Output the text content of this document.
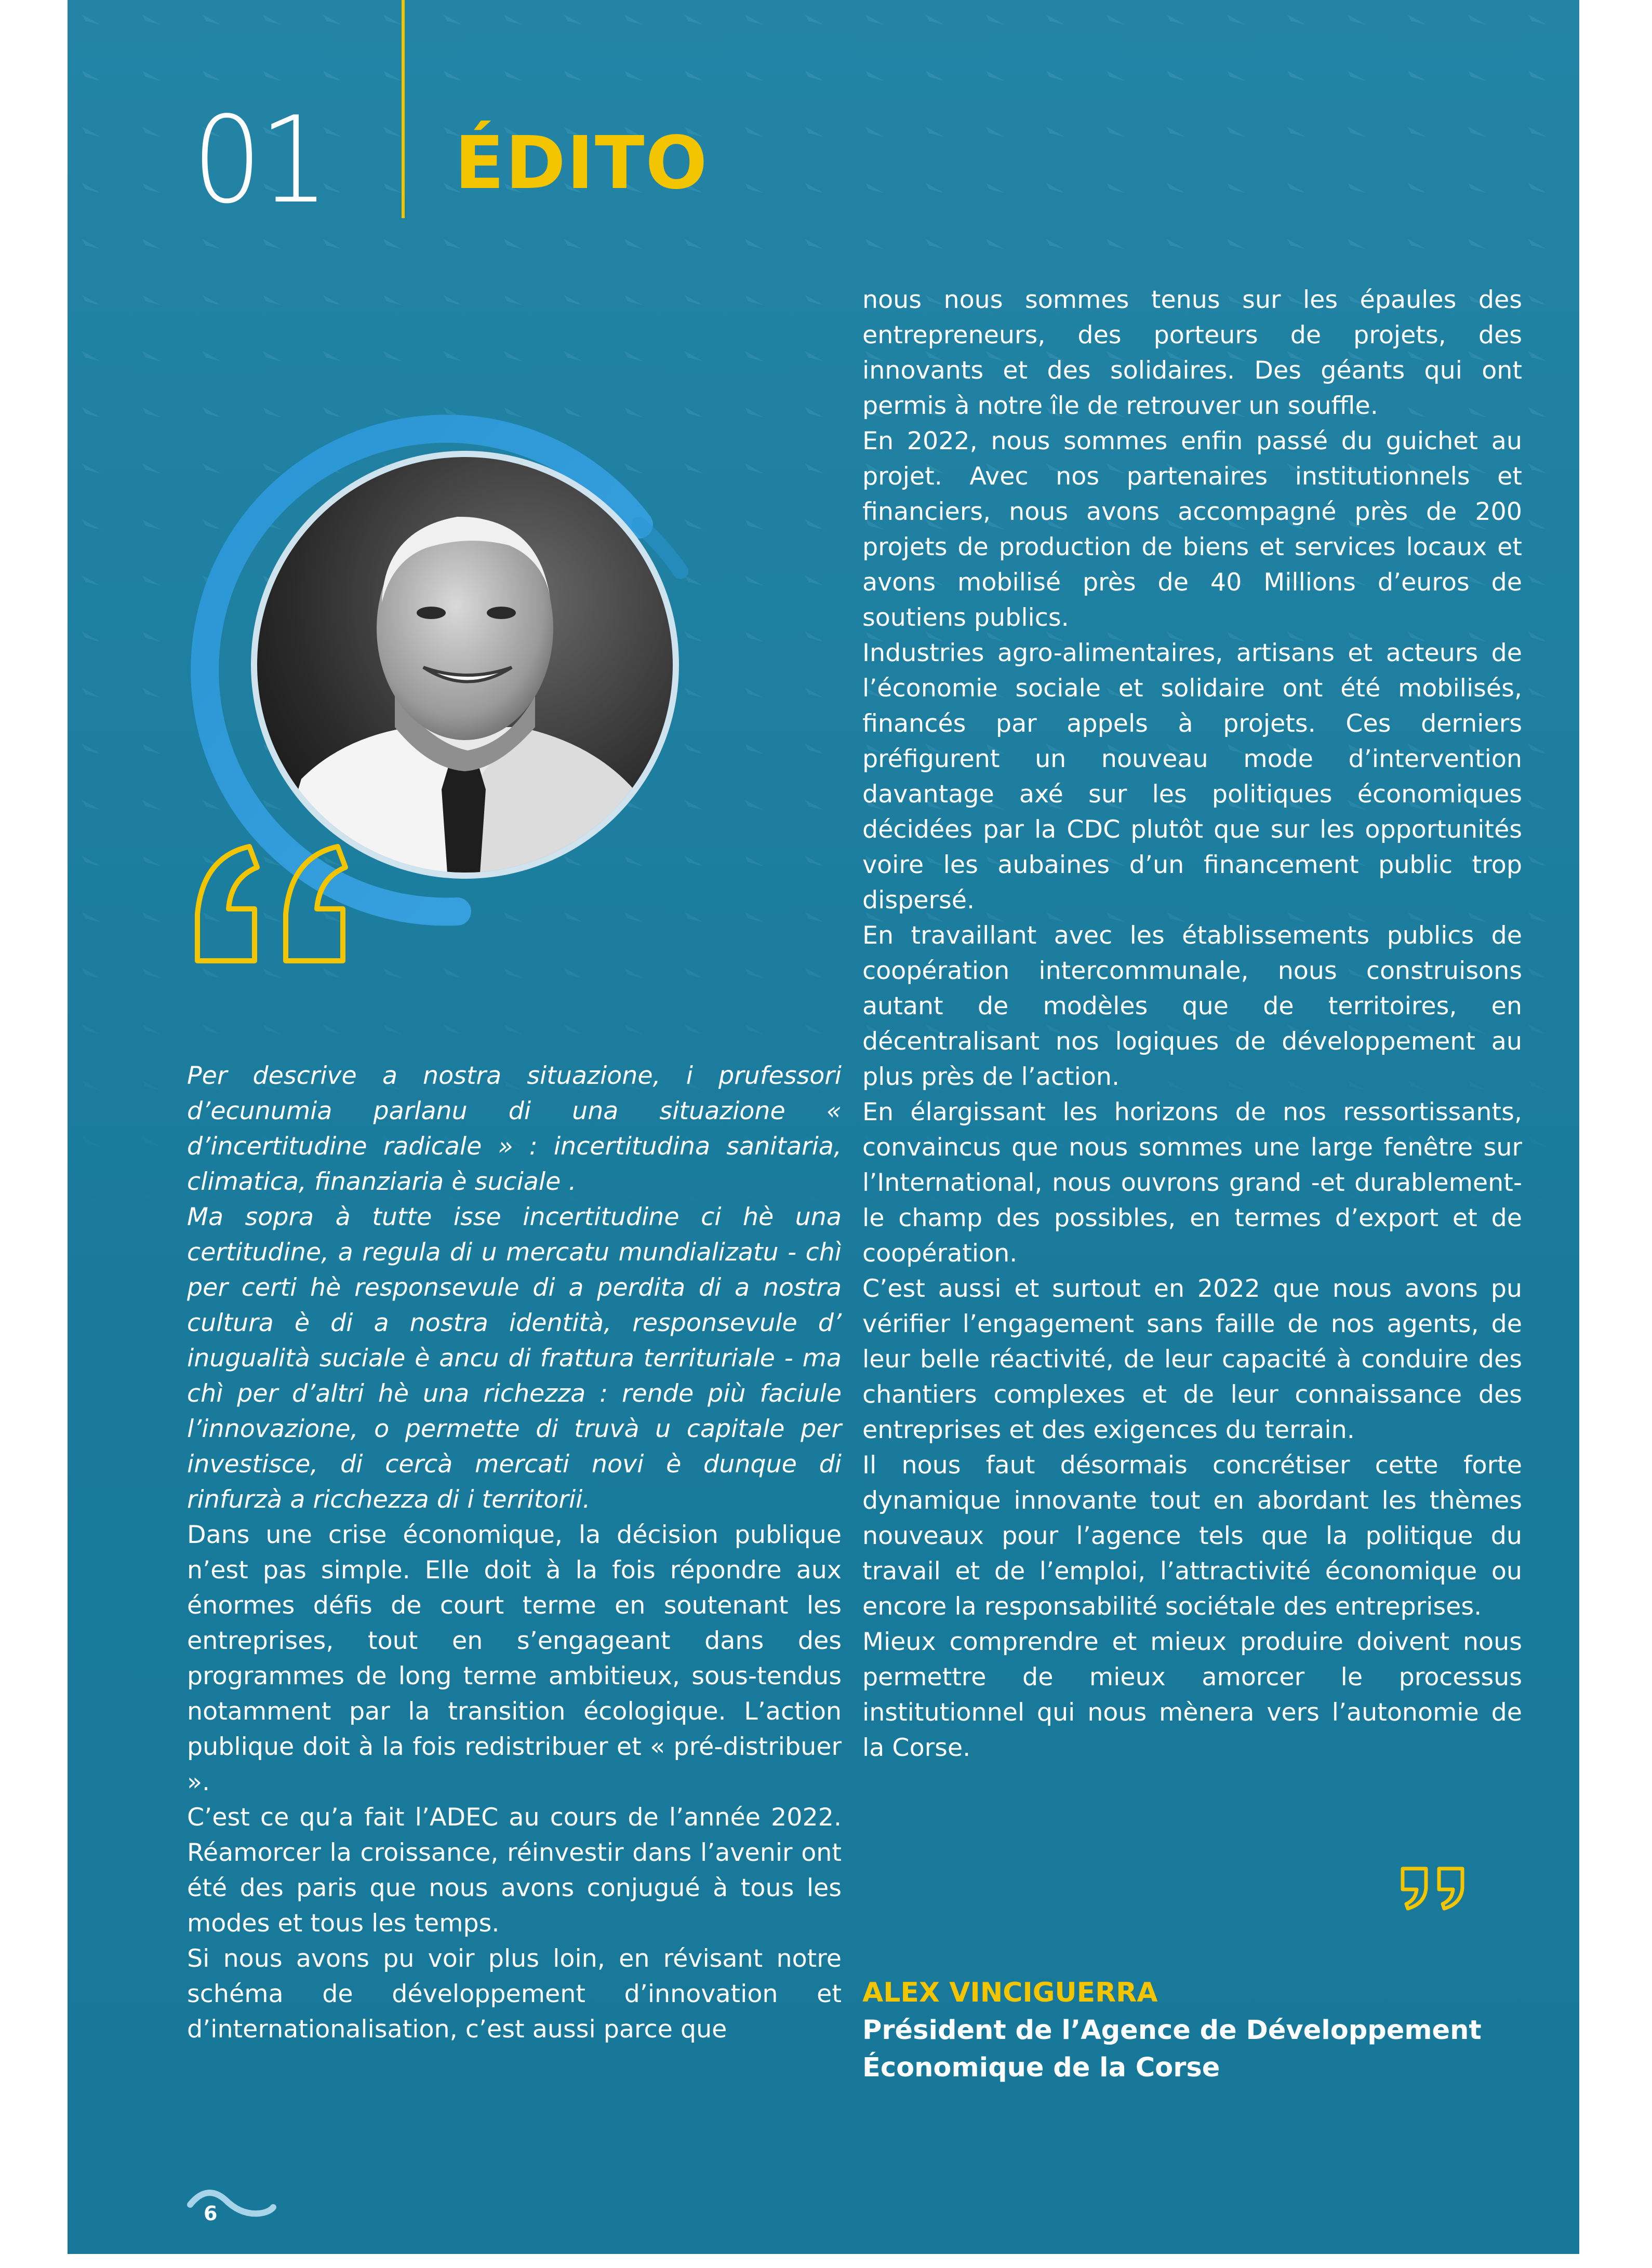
01	ÉDITO

Per descrive a nostra situazione, i prufessori d’ecunumia parlanu di una situazione « d’incertitudine radicale » : incertitudina sanitaria, climatica, finanziaria è suciale .

Ma sopra à tutte isse incertitudine ci hè una certitudine, a regula di u mercatu mundializatu - chì per certi hè responsevule di a perdita di a nostra cultura è di a nostra identità, responsevule d’ inugualità suciale è ancu di frattura territuriale - ma chì per d’altri hè una richezza : rende più faciule l’innovazione, o permette di truvà u capitale per investisce, di cercà mercati novi è dunque di rinfurzà a ricchezza di i territorii.

Dans une crise économique, la décision publique n’est pas simple. Elle doit à la fois répondre aux énormes défis de court terme en soutenant les entreprises, tout en s’engageant dans des programmes de long terme ambitieux, sous-tendus notamment par la transition écologique. L’action publique doit à la fois redistribuer et « pré-distribuer ».

C’est ce qu’a fait l’ADEC au cours de l’année 2022. Réamorcer la croissance, réinvestir dans l’avenir ont été des paris que nous avons conjugué à tous les modes et tous les temps.

Si nous avons pu voir plus loin, en révisant notre schéma de développement d’innovation et d’internationalisation, c’est aussi parce que

nous nous sommes tenus sur les épaules des entrepreneurs, des porteurs de projets, des innovants et des solidaires. Des géants qui ont permis à notre île de retrouver un souffle.

En 2022, nous sommes enfin passé du guichet au projet. Avec nos partenaires institutionnels et financiers, nous avons accompagné près de 200 projets de production de biens et services locaux et avons mobilisé près de 40 Millions d’euros de soutiens publics.

Industries agro-alimentaires, artisans et acteurs de l’économie sociale et solidaire ont été mobilisés, financés par appels à projets. Ces derniers préfigurent un nouveau mode d’intervention davantage axé sur les politiques économiques décidées par la CDC plutôt que sur les opportunités voire les aubaines d’un financement public trop dispersé.

En travaillant avec les établissements publics de coopération intercommunale, nous construisons autant de modèles que de territoires, en décentralisant nos logiques de développement au plus près de l’action.

En élargissant les horizons de nos ressortissants, convaincus que nous sommes une large fenêtre sur l’International, nous ouvrons grand -et durablement- le champ des possibles, en termes d’export et de coopération.

C’est aussi et surtout en 2022 que nous avons pu vérifier l’engagement sans faille de nos agents, de leur belle réactivité, de leur capacité à conduire des chantiers complexes et de leur connaissance des entreprises et des exigences du terrain.

Il nous faut désormais concrétiser cette forte dynamique innovante tout en abordant les thèmes nouveaux pour l’agence tels que la politique du travail et de l’emploi, l’attractivité économique ou encore la responsabilité sociétale des entreprises.

Mieux comprendre et mieux produire doivent nous permettre de mieux amorcer le processus institutionnel qui nous mènera vers l’autonomie de la Corse.

ALEX VINCIGUERRA
Président de l’Agence de Développement
Économique de la Corse
6
